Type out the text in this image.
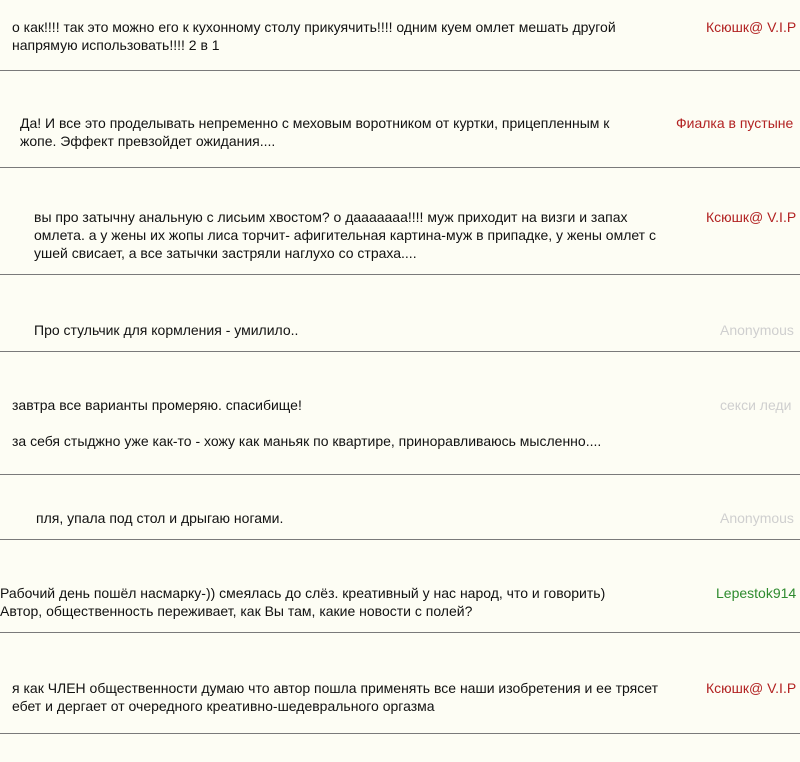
о как!!!! так это можно его к кухонному столу прикуячить!!!! одним куем омлет мешать другой
напрямую использовать!!!! 2 в 1
Ксюшк@ V.I.P
Да! И все это проделывать непременно с меховым воротником от куртки, прицепленным к
жопе. Эффект превзойдет ожидания....
Фиалка в пустыне
вы про затычну анальную с лисьим хвостом? о дааааааа!!!! муж приходит на визги и запах
омлета. а у жены их жопы лиса торчит- афигительная картина-муж в припадке, у жены омлет с
ушей свисает, а все затычки застряли наглухо со страха....
Ксюшк@ V.I.P
Про стульчик для кормления - умилило..	Anonymous
завтра все варианты промеряю. спасибище!
за себя стыджно уже как-то - хожу как маньяк по квартире, приноравливаюсь мысленно....
секси леди
пля, упала под стол и дрыгаю ногами.	Anonymous
Рабочий день пошёл насмарку-)) смеялась до слёз. креативный у нас народ, что и говорить)
Автор, общественность переживает, как Вы там, какие новости с полей?
Lepestok914
я как ЧЛЕН общественности думаю что автор пошла применять все наши изобретения и ее трясет
ебет и дергает от очередного креативно-шедеврального оргазма
Ксюшк@ V.I.P
